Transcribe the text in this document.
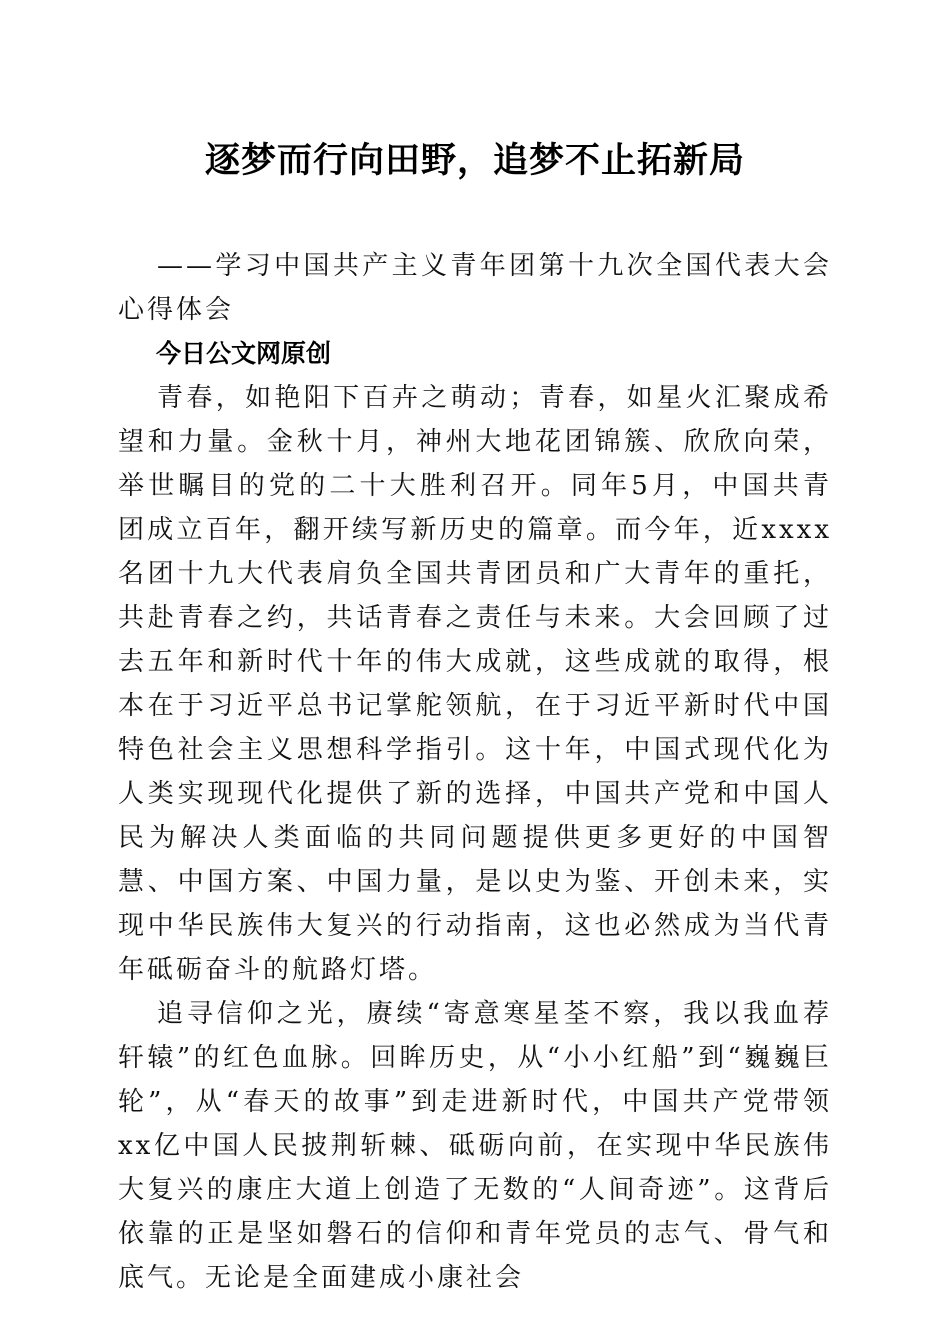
逐梦而行向田野，追梦不止拓新局

——学习中国共产主义青年团第十九次全国代表大会心得体会

今日公文网原创

青春，如艳阳下百卉之萌动；青春，如星火汇聚成希望和力量。金秋十月，神州大地花团锦簇、欣欣向荣，举世瞩目的党的二十大胜利召开。同年5月，中国共青团成立百年，翻开续写新历史的篇章。而今年，近xxxx名团十九大代表肩负全国共青团员和广大青年的重托，共赴青春之约，共话青春之责任与未来。大会回顾了过去五年和新时代十年的伟大成就，这些成就的取得，根本在于习近平总书记掌舵领航，在于习近平新时代中国特色社会主义思想科学指引。这十年，中国式现代化为人类实现现代化提供了新的选择，中国共产党和中国人民为解决人类面临的共同问题提供更多更好的中国智慧、中国方案、中国力量，是以史为鉴、开创未来，实现中华民族伟大复兴的行动指南，这也必然成为当代青年砥砺奋斗的航路灯塔。

追寻信仰之光，赓续“寄意寒星荃不察，我以我血荐轩辕”的红色血脉。回眸历史，从“小小红船”到“巍巍巨轮”，从“春天的故事”到走进新时代，中国共产党带领xx亿中国人民披荆斩棘、砥砺向前，在实现中华民族伟大复兴的康庄大道上创造了无数的“人间奇迹”。这背后依靠的正是坚如磐石的信仰和青年党员的志气、骨气和底气。无论是全面建成小康社会
